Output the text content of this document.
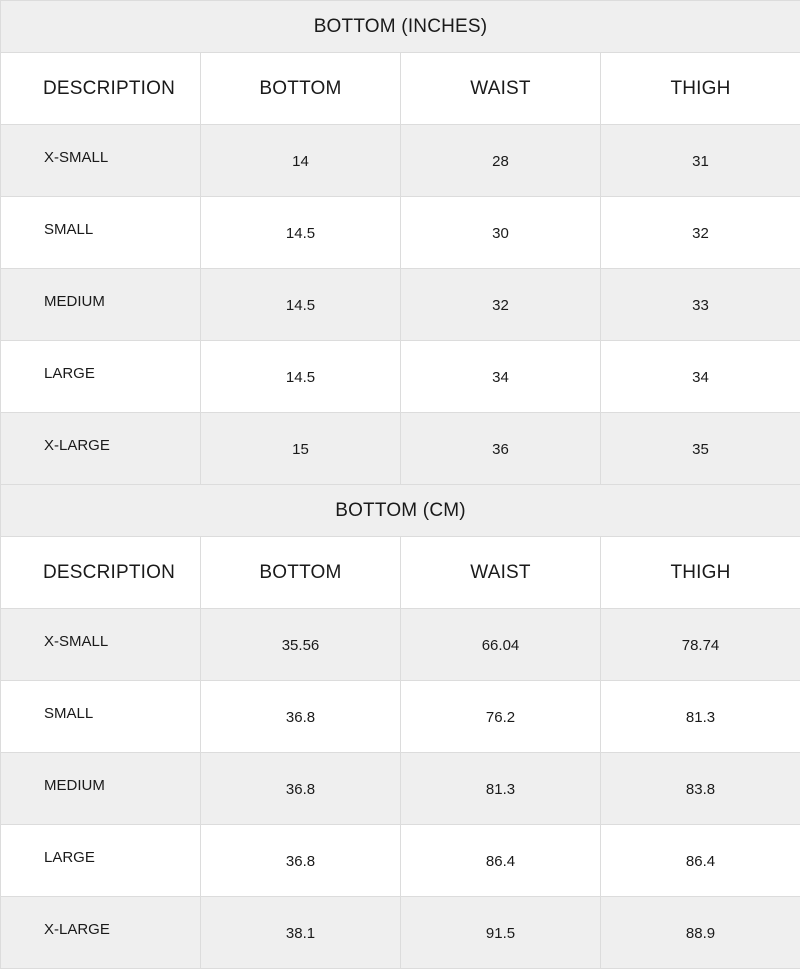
BOTTOM (INCHES)			
DESCRIPTION	BOTTOM	WAIST	THIGH
X-SMALL	14	28	31
SMALL	14.5	30	32
MEDIUM	14.5	32	33
LARGE	14.5	34	34
X-LARGE	15	36	35
BOTTOM (CM)			
DESCRIPTION	BOTTOM	WAIST	THIGH
X-SMALL	35.56	66.04	78.74
SMALL	36.8	76.2	81.3
MEDIUM	36.8	81.3	83.8
LARGE	36.8	86.4	86.4
X-LARGE	38.1	91.5	88.9
